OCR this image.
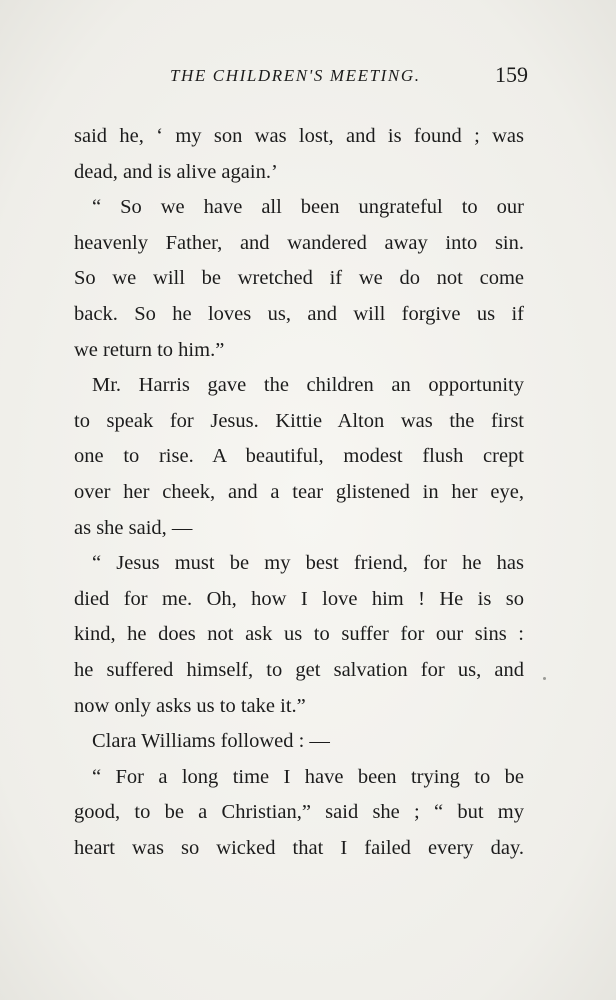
THE CHILDREN'S MEETING.	159
said he, ‘ my son was lost, and is found ; was
dead, and is alive again.’
“ So we have all been ungrateful to our
heavenly Father, and wandered away into sin.
So we will be wretched if we do not come
back. So he loves us, and will forgive us if
we return to him.”
Mr. Harris gave the children an opportunity
to speak for Jesus. Kittie Alton was the first
one to rise. A beautiful, modest flush crept
over her cheek, and a tear glistened in her eye,
as she said, —
“ Jesus must be my best friend, for he has
died for me. Oh, how I love him ! He is so
kind, he does not ask us to suffer for our sins :
he suffered himself, to get salvation for us, and
now only asks us to take it.”
Clara Williams followed : —
“ For a long time I have been trying to be
good, to be a Christian,” said she ; “ but my
heart was so wicked that I failed every day.
